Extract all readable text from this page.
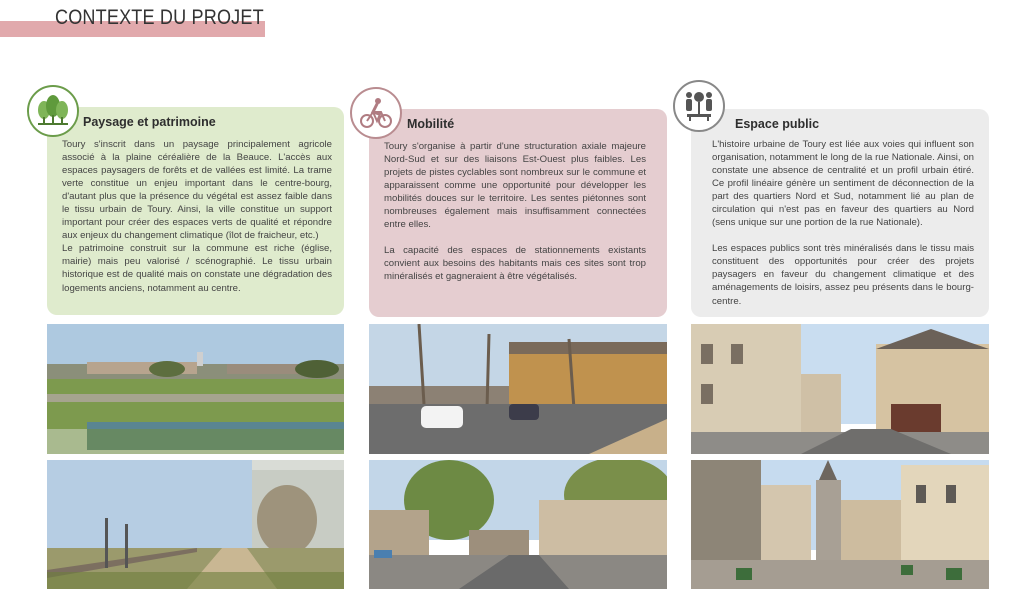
CONTEXTE DU PROJET
Paysage et patrimoine

Toury s'inscrit dans un paysage principalement agricole associé à la plaine céréalière de la Beauce. L'accès aux espaces paysagers de forêts et de vallées est limité. La trame verte constitue un enjeu important dans le centre-bourg, d'autant plus que la présence du végétal est assez faible dans le tissu urbain de Toury. Ainsi, la ville constitue un support important pour créer des espaces verts de qualité et répondre aux enjeux du changement climatique (îlot de fraicheur, etc.)

Le patrimoine construit sur la commune est riche (église, mairie) mais peu valorisé / scénographié. Le tissu urbain historique est de qualité mais on constate une dégradation des logements anciens, notamment au centre.

Mobilité

Toury s'organise à partir d'une structuration axiale majeure Nord-Sud et sur des liaisons Est-Ouest plus faibles. Les projets de pistes cyclables sont nombreux sur le commune et apparaissent comme une opportunité pour développer les mobilités douces sur le territoire. Les sentes piétonnes sont nombreuses également mais insuffisamment connectées entre elles.

La capacité des espaces de stationnements existants convient aux besoins des habitants mais ces sites sont trop minéralisés et gagneraient à être végétalisés.

Espace public

L'histoire urbaine de Toury est liée aux voies qui influent son organisation, notamment le long de la rue Nationale. Ainsi, on constate une absence de centralité et un profil urbain étiré. Ce profil linéaire génère un sentiment de déconnection de la part des quartiers Nord et Sud, notamment lié au plan de circulation qui n'est pas en faveur des quartiers au Nord (sens unique sur une portion de la rue Nationale).

Les espaces publics sont très minéralisés dans le tissu mais constituent des opportunités pour créer des projets paysagers en faveur du changement climatique et des aménagements de loisirs, assez peu présents dans le bourg-centre.
